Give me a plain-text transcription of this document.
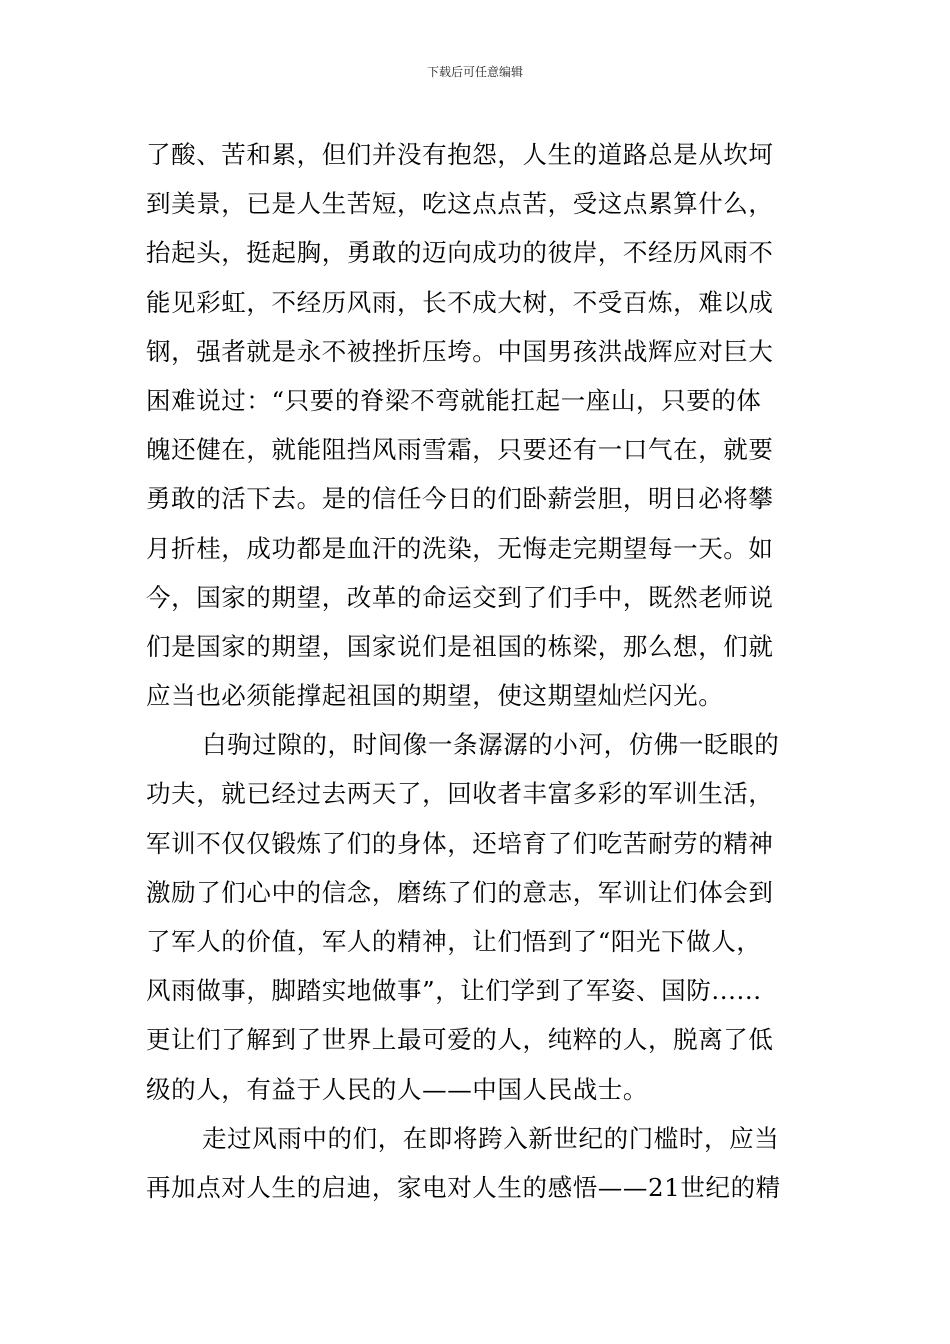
下载后可任意编辑
了酸、苦和累，但们并没有抱怨，人生的道路总是从坎坷
到美景，已是人生苦短，吃这点点苦，受这点累算什么，
抬起头，挺起胸，勇敢的迈向成功的彼岸，不经历风雨不
能见彩虹，不经历风雨，长不成大树，不受百炼，难以成
钢，强者就是永不被挫折压垮。中国男孩洪战辉应对巨大
困难说过：“只要的脊梁不弯就能扛起一座山，只要的体
魄还健在，就能阻挡风雨雪霜，只要还有一口气在，就要
勇敢的活下去。是的信任今日的们卧薪尝胆，明日必将攀
月折桂，成功都是血汗的洗染，无悔走完期望每一天。如
今，国家的期望，改革的命运交到了们手中，既然老师说
们是国家的期望，国家说们是祖国的栋梁，那么想，们就
应当也必须能撑起祖国的期望，使这期望灿烂闪光。
白驹过隙的，时间像一条潺潺的小河，仿佛一眨眼的
功夫，就已经过去两天了，回收者丰富多彩的军训生活，
军训不仅仅锻炼了们的身体，还培育了们吃苦耐劳的精神
激励了们心中的信念，磨练了们的意志，军训让们体会到
了军人的价值，军人的精神，让们悟到了“阳光下做人，
风雨做事，脚踏实地做事”，让们学到了军姿、国防......
更让们了解到了世界上最可爱的人，纯粹的人，脱离了低
级的人，有益于人民的人——中国人民战士。
走过风雨中的们，在即将跨入新世纪的门槛时，应当
再加点对人生的启迪，家电对人生的感悟——21世纪的精
